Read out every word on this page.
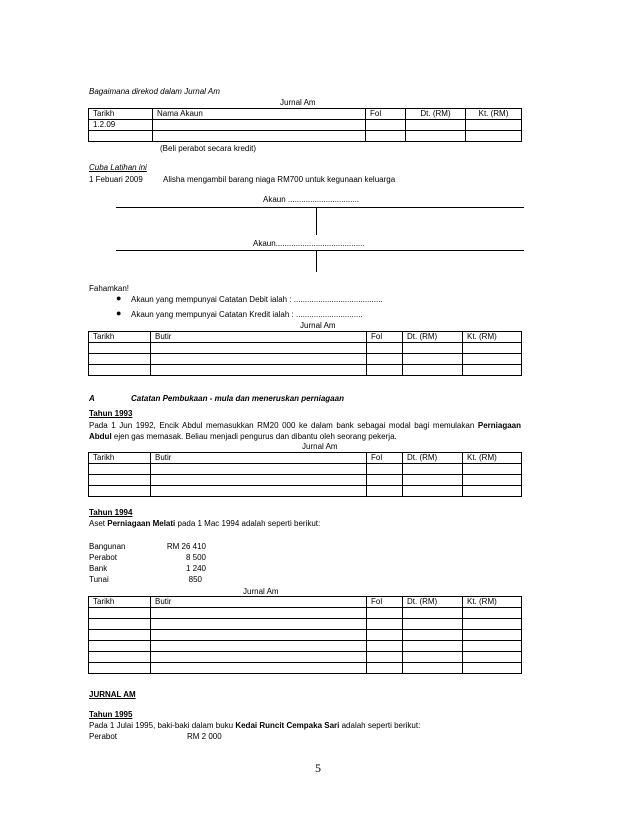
Bagaimana direkod dalam Jurnal Am
Jurnal Am
Tarikh	Nama Akaun	Fol	Dt. (RM)	Kt. (RM)
1.2.09				

(Beli perabot secara kredit)
Cuba Latihan ini
1 Febuari 2009	Alisha mengambil barang niaga RM700 untuk kegunaan keluarga
Akaun ................................
Akaun........................................
Fahamkan!
● Akaun yang mempunyai Catatan Debit ialah : ........................................
● Akaun yang mempunyai Catatan Kredit ialah : ..............................
Jurnal Am
Tarikh	Butir	Fol	Dt. (RM)	Kt. (RM)

A	Catatan Pembukaan - mula dan meneruskan perniagaan
Tahun 1993
Pada 1 Jun 1992, Encik Abdul memasukkan RM20 000 ke dalam bank sebagai modal bagi memulakan Perniagaan Abdul ejen gas memasak. Beliau menjadi pengurus dan dibantu oleh seorang pekerja.
Jurnal Am
Tarikh	Butir	Fol	Dt. (RM)	Kt. (RM)

Tahun 1994
Aset Perniagaan Melati pada 1 Mac 1994 adalah seperti berikut:
Bangunan	RM 26 410
Perabot	8 500
Bank	1 240
Tunai	850
Jurnal Am
Tarikh	Butir	Fol	Dt. (RM)	Kt. (RM)

JURNAL AM
Tahun 1995
Pada 1 Julai 1995, baki-baki dalam buku Kedai Runcit Cempaka Sari adalah seperti berikut:
Perabot	RM 2 000
5
